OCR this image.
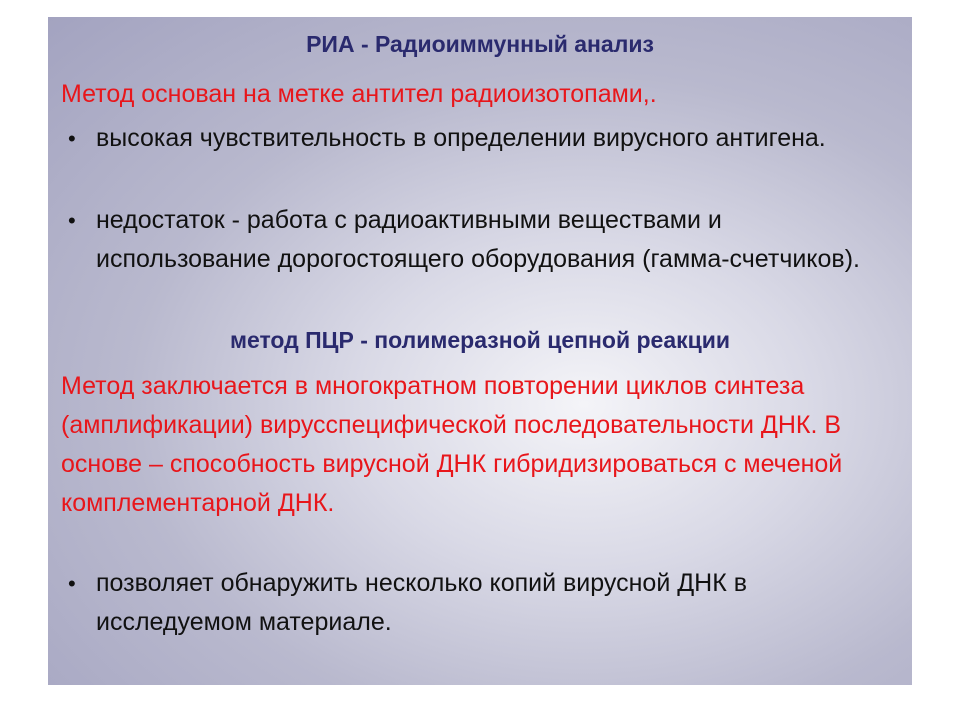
РИА - Радиоиммунный анализ
Метод основан на метке антител радиоизотопами,.
• высокая чувствительность в определении вирусного антигена.
• недостаток - работа с радиоактивными веществами и использование дорогостоящего оборудования (гамма-счетчиков).
метод ПЦР - полимеразной цепной реакции
Метод заключается в многократном повторении циклов синтеза (амплификации) вирусспецифической последовательности ДНК. В основе – способность вирусной ДНК гибридизироваться с меченой комплементарной ДНК.
• позволяет обнаружить несколько копий вирусной ДНК в исследуемом материале.
